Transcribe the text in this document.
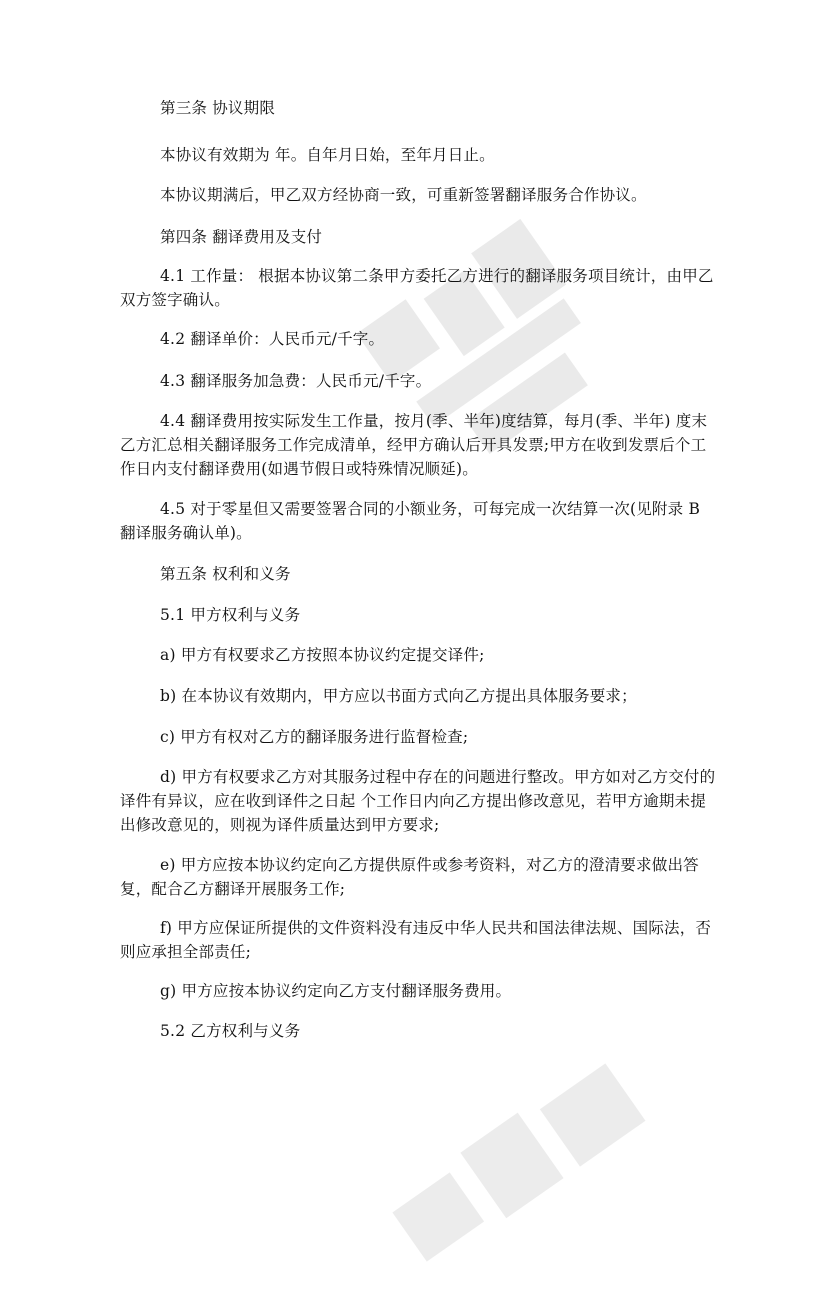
第三条 协议期限

本协议有效期为 年。自年月日始，至年月日止。

本协议期满后，甲乙双方经协商一致，可重新签署翻译服务合作协议。

第四条 翻译费用及支付

4.1 工作量： 根据本协议第二条甲方委托乙方进行的翻译服务项目统计，由甲乙双方签字确认。

4.2 翻译单价：人民币元/千字。

4.3 翻译服务加急费：人民币元/千字。

4.4 翻译费用按实际发生工作量，按月(季、半年)度结算，每月(季、半年) 度末乙方汇总相关翻译服务工作完成清单，经甲方确认后开具发票;甲方在收到发票后个工作日内支付翻译费用(如遇节假日或特殊情况顺延)。

4.5 对于零星但又需要签署合同的小额业务，可每完成一次结算一次(见附录 B 翻译服务确认单)。

第五条 权利和义务

5.1 甲方权利与义务

a) 甲方有权要求乙方按照本协议约定提交译件;

b) 在本协议有效期内，甲方应以书面方式向乙方提出具体服务要求；

c) 甲方有权对乙方的翻译服务进行监督检查;

d) 甲方有权要求乙方对其服务过程中存在的问题进行整改。甲方如对乙方交付的译件有异议，应在收到译件之日起 个工作日内向乙方提出修改意见，若甲方逾期未提出修改意见的，则视为译件质量达到甲方要求;

e) 甲方应按本协议约定向乙方提供原件或参考资料，对乙方的澄清要求做出答复，配合乙方翻译开展服务工作;

f) 甲方应保证所提供的文件资料没有违反中华人民共和国法律法规、国际法，否则应承担全部责任;

g) 甲方应按本协议约定向乙方支付翻译服务费用。

5.2 乙方权利与义务
